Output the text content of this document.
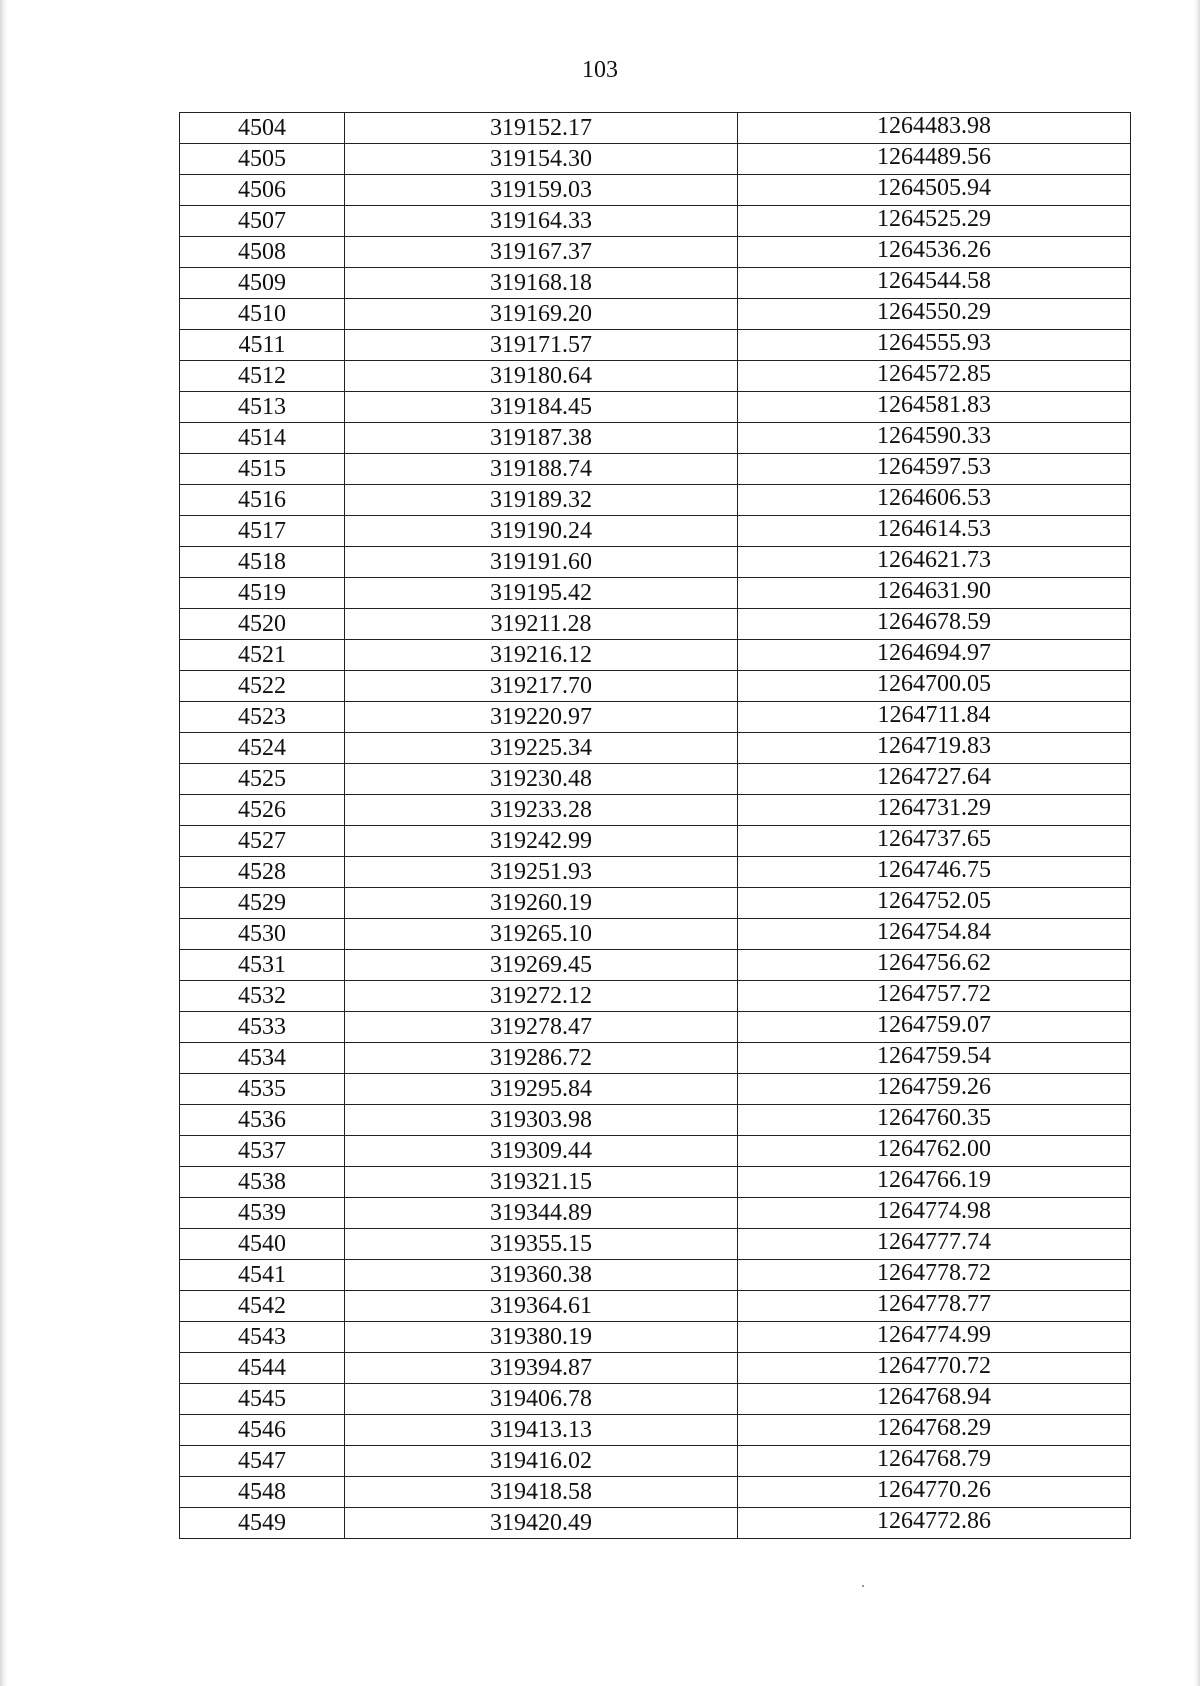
103
4504	319152.17	1264483.98
4505	319154.30	1264489.56
4506	319159.03	1264505.94
4507	319164.33	1264525.29
4508	319167.37	1264536.26
4509	319168.18	1264544.58
4510	319169.20	1264550.29
4511	319171.57	1264555.93
4512	319180.64	1264572.85
4513	319184.45	1264581.83
4514	319187.38	1264590.33
4515	319188.74	1264597.53
4516	319189.32	1264606.53
4517	319190.24	1264614.53
4518	319191.60	1264621.73
4519	319195.42	1264631.90
4520	319211.28	1264678.59
4521	319216.12	1264694.97
4522	319217.70	1264700.05
4523	319220.97	1264711.84
4524	319225.34	1264719.83
4525	319230.48	1264727.64
4526	319233.28	1264731.29
4527	319242.99	1264737.65
4528	319251.93	1264746.75
4529	319260.19	1264752.05
4530	319265.10	1264754.84
4531	319269.45	1264756.62
4532	319272.12	1264757.72
4533	319278.47	1264759.07
4534	319286.72	1264759.54
4535	319295.84	1264759.26
4536	319303.98	1264760.35
4537	319309.44	1264762.00
4538	319321.15	1264766.19
4539	319344.89	1264774.98
4540	319355.15	1264777.74
4541	319360.38	1264778.72
4542	319364.61	1264778.77
4543	319380.19	1264774.99
4544	319394.87	1264770.72
4545	319406.78	1264768.94
4546	319413.13	1264768.29
4547	319416.02	1264768.79
4548	319418.58	1264770.26
4549	319420.49	1264772.86
